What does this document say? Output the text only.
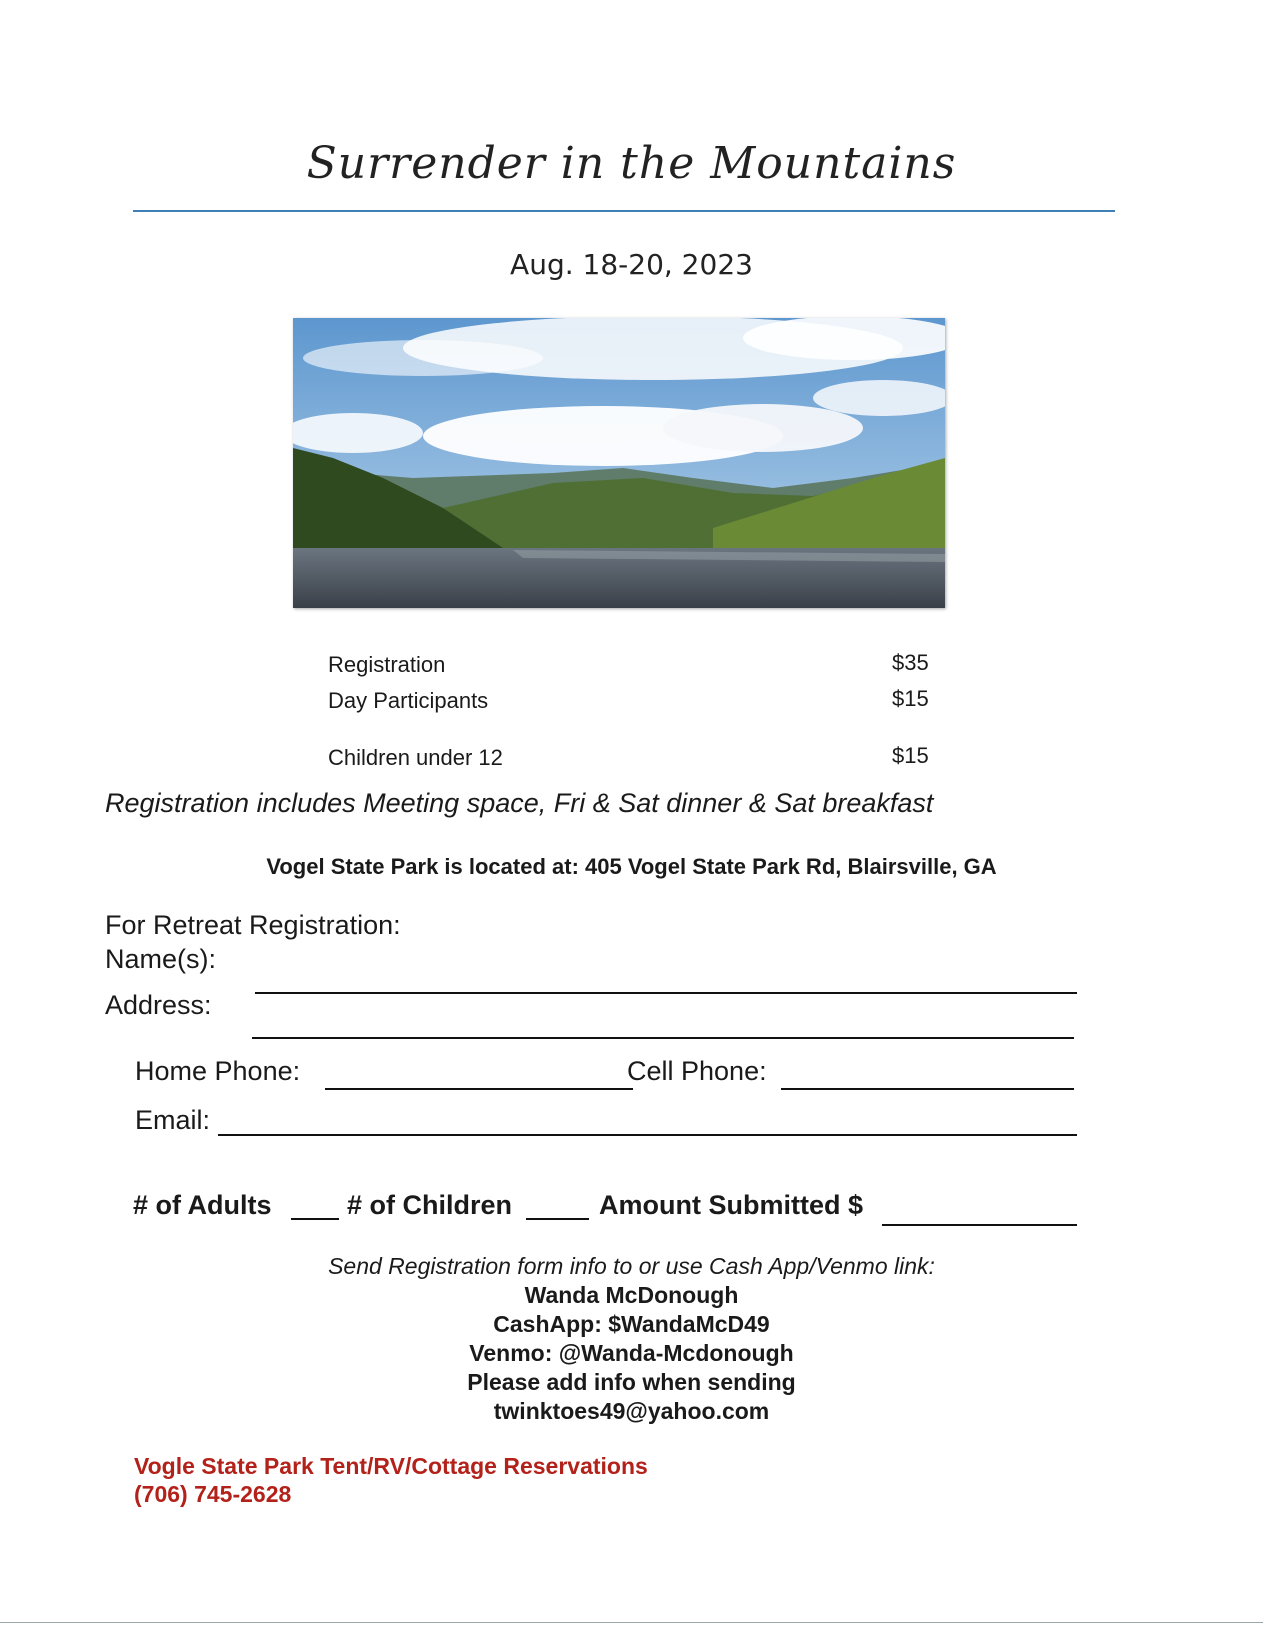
Surrender in the Mountains
Aug. 18-20, 2023
Registration	$35
Day Participants	$15
Children under 12	$15
Registration includes Meeting space, Fri & Sat dinner & Sat breakfast
Vogel State Park is located at: 405 Vogel State Park Rd, Blairsville, GA
For Retreat Registration:
Name(s):
Address:
Home Phone:	Cell Phone:
Email:
# of Adults	# of Children	Amount Submitted $
Send Registration form info to or use Cash App/Venmo link:
Wanda McDonough
CashApp: $WandaMcD49
Venmo: @Wanda-Mcdonough
Please add info when sending
twinktoes49@yahoo.com
Vogle State Park Tent/RV/Cottage Reservations
(706) 745-2628
